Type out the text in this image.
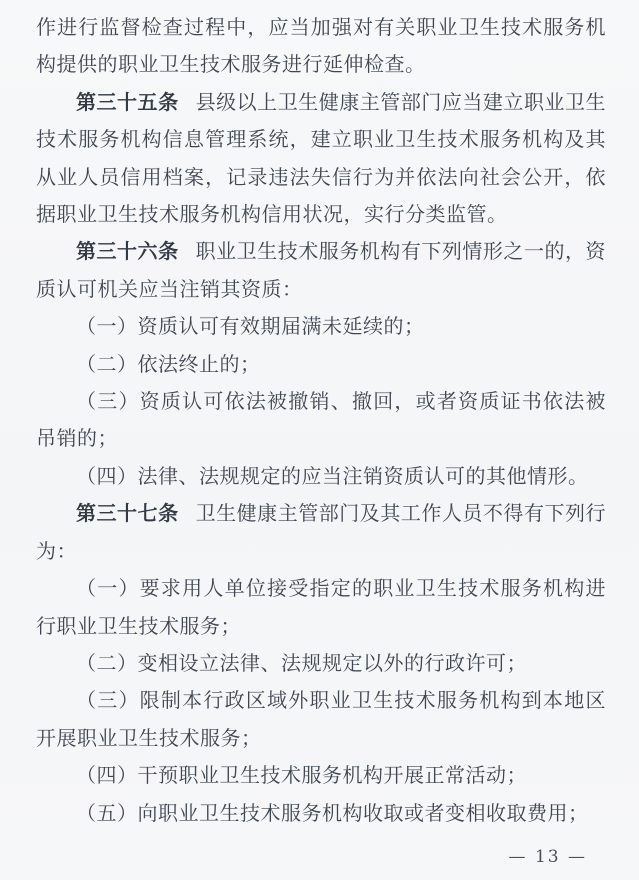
作进行监督检查过程中，应当加强对有关职业卫生技术服务机构提供的职业卫生技术服务进行延伸检查。

第三十五条 县级以上卫生健康主管部门应当建立职业卫生技术服务机构信息管理系统，建立职业卫生技术服务机构及其从业人员信用档案，记录违法失信行为并依法向社会公开，依据职业卫生技术服务机构信用状况，实行分类监管。

第三十六条 职业卫生技术服务机构有下列情形之一的，资质认可机关应当注销其资质：

（一）资质认可有效期届满未延续的；

（二）依法终止的；

（三）资质认可依法被撤销、撤回，或者资质证书依法被吊销的；

（四）法律、法规规定的应当注销资质认可的其他情形。

第三十七条 卫生健康主管部门及其工作人员不得有下列行为：

（一）要求用人单位接受指定的职业卫生技术服务机构进行职业卫生技术服务；

（二）变相设立法律、法规规定以外的行政许可；

（三）限制本行政区域外职业卫生技术服务机构到本地区开展职业卫生技术服务；

（四）干预职业卫生技术服务机构开展正常活动；

（五）向职业卫生技术服务机构收取或者变相收取费用；

— 13 —
